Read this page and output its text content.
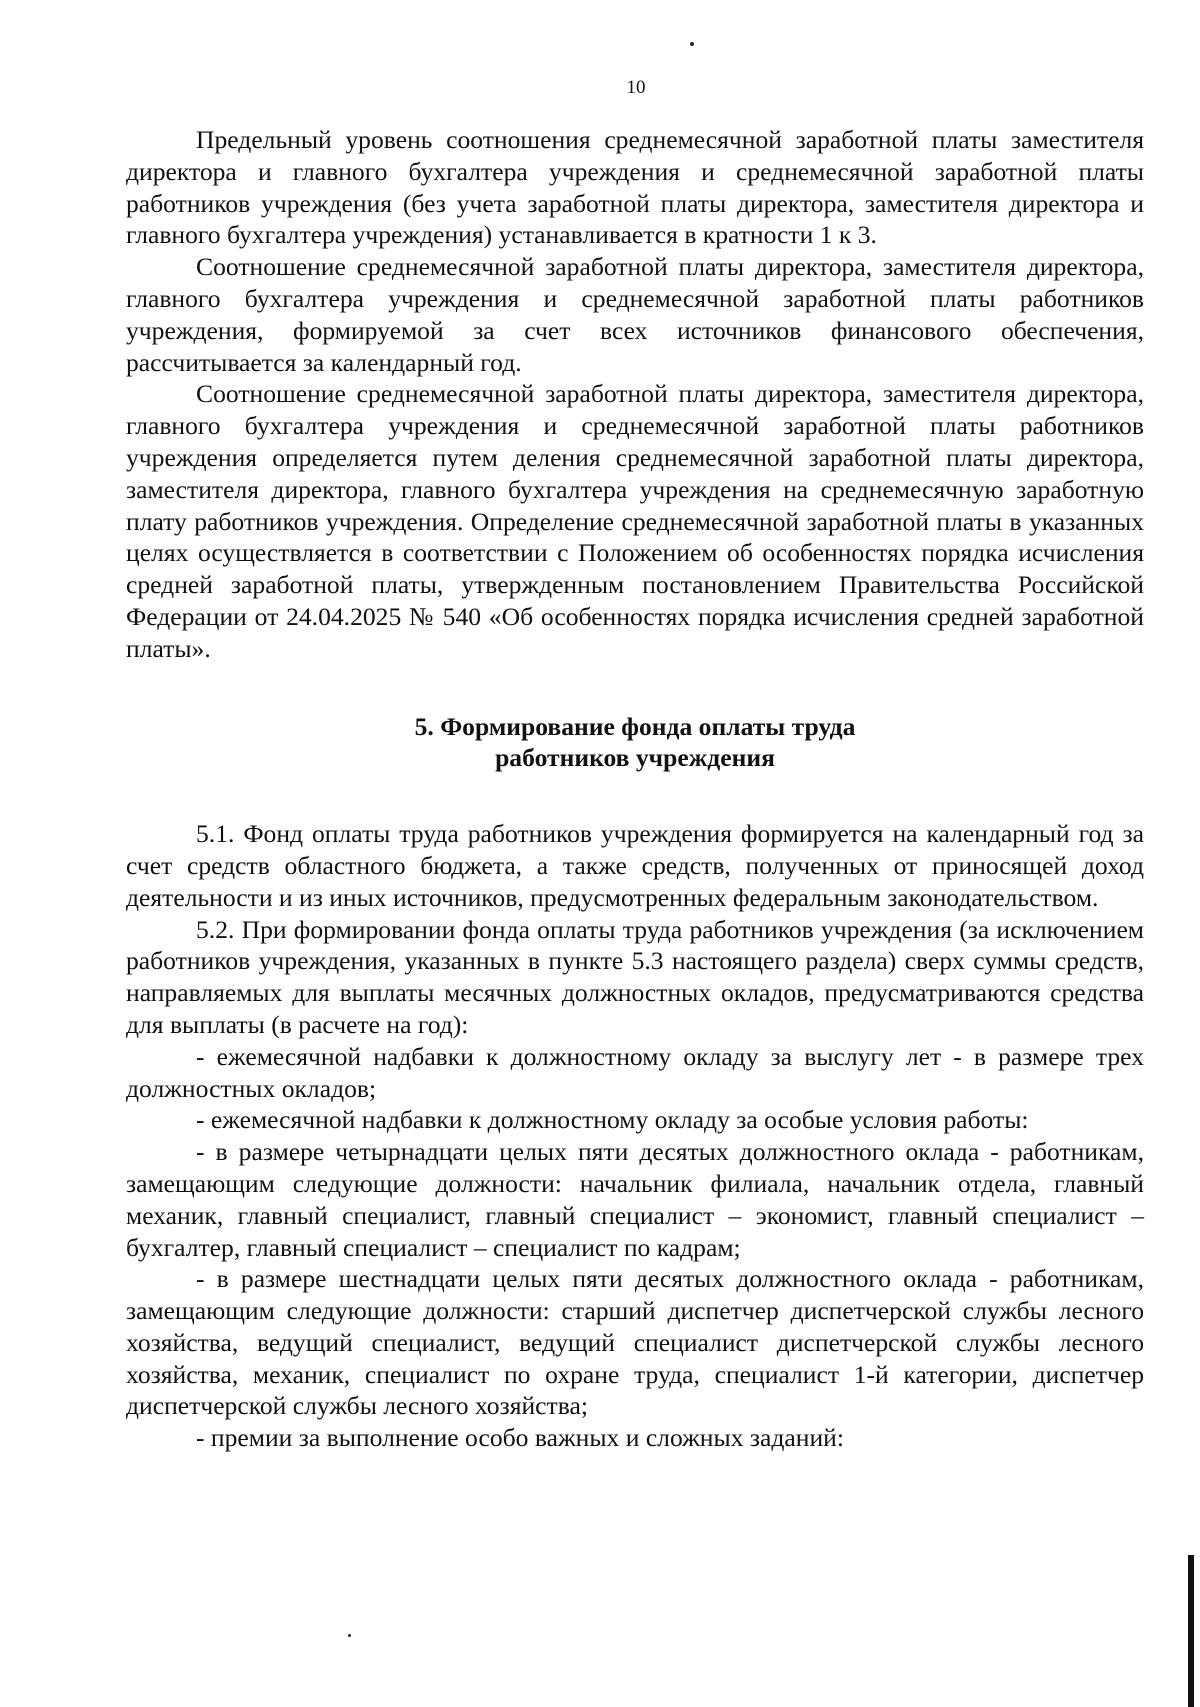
10

Предельный уровень соотношения среднемесячной заработной платы заместителя директора и главного бухгалтера учреждения и среднемесячной заработной платы работников учреждения (без учета заработной платы директора, заместителя директора и главного бухгалтера учреждения) устанавливается в кратности 1 к 3.

Соотношение среднемесячной заработной платы директора, заместителя директора, главного бухгалтера учреждения и среднемесячной заработной платы работников учреждения, формируемой за счет всех источников финансового обеспечения, рассчитывается за календарный год.

Соотношение среднемесячной заработной платы директора, заместителя директора, главного бухгалтера учреждения и среднемесячной заработной платы работников учреждения определяется путем деления среднемесячной заработной платы директора, заместителя директора, главного бухгалтера учреждения на среднемесячную заработную плату работников учреждения. Определение среднемесячной заработной платы в указанных целях осуществляется в соответствии с Положением об особенностях порядка исчисления средней заработной платы, утвержденным постановлением Правительства Российской Федерации от 24.04.2025 № 540 «Об особенностях порядка исчисления средней заработной платы».

5. Формирование фонда оплаты труда
работников учреждения

5.1. Фонд оплаты труда работников учреждения формируется на календарный год за счет средств областного бюджета, а также средств, полученных от приносящей доход деятельности и из иных источников, предусмотренных федеральным законодательством.

5.2. При формировании фонда оплаты труда работников учреждения (за исключением работников учреждения, указанных в пункте 5.3 настоящего раздела) сверх суммы средств, направляемых для выплаты месячных должностных окладов, предусматриваются средства для выплаты (в расчете на год):

- ежемесячной надбавки к должностному окладу за выслугу лет - в размере трех должностных окладов;

- ежемесячной надбавки к должностному окладу за особые условия работы:

- в размере четырнадцати целых пяти десятых должностного оклада - работникам, замещающим следующие должности: начальник филиала, начальник отдела, главный механик, главный специалист, главный специалист – экономист, главный специалист – бухгалтер, главный специалист – специалист по кадрам;

- в размере шестнадцати целых пяти десятых должностного оклада - работникам, замещающим следующие должности: старший диспетчер диспетчерской службы лесного хозяйства, ведущий специалист, ведущий специалист диспетчерской службы лесного хозяйства, механик, специалист по охране труда, специалист 1-й категории, диспетчер диспетчерской службы лесного хозяйства;

- премии за выполнение особо важных и сложных заданий:
